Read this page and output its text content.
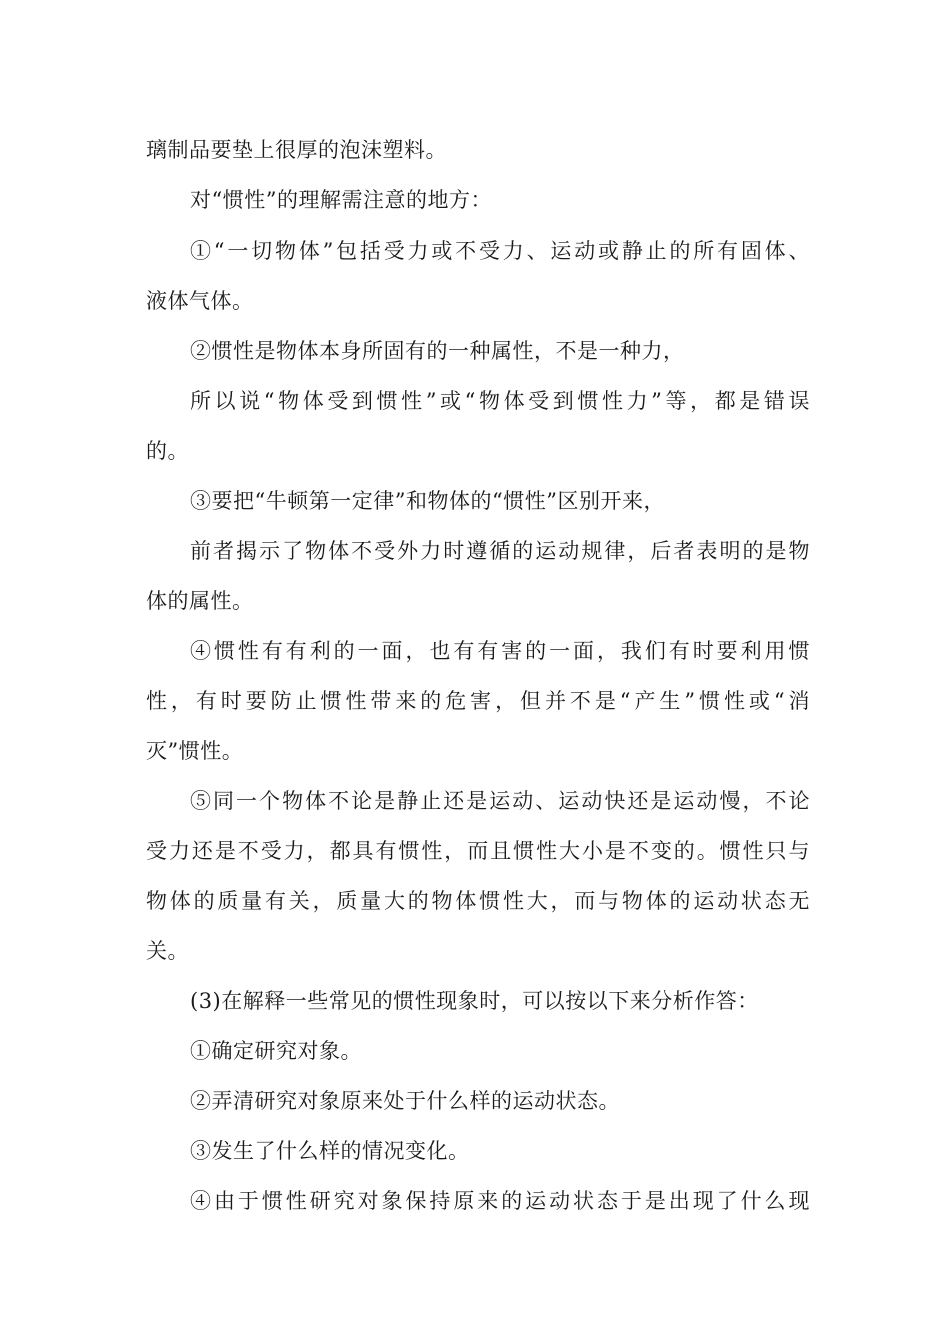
璃制品要垫上很厚的泡沫塑料。
对“惯性”的理解需注意的地方：
①“一切物体”包括受力或不受力、运动或静止的所有固体、
液体气体。
②惯性是物体本身所固有的一种属性，不是一种力，
所以说“物体受到惯性”或“物体受到惯性力”等，都是错误
的。
③要把“牛顿第一定律”和物体的“惯性”区别开来，
前者揭示了物体不受外力时遵循的运动规律，后者表明的是物
体的属性。
④惯性有有利的一面，也有有害的一面，我们有时要利用惯
性，有时要防止惯性带来的危害，但并不是“产生”惯性或“消
灭”惯性。
⑤同一个物体不论是静止还是运动、运动快还是运动慢，不论
受力还是不受力，都具有惯性，而且惯性大小是不变的。惯性只与
物体的质量有关，质量大的物体惯性大，而与物体的运动状态无
关。
(3)在解释一些常见的惯性现象时，可以按以下来分析作答：
①确定研究对象。
②弄清研究对象原来处于什么样的运动状态。
③发生了什么样的情况变化。
④由于惯性研究对象保持原来的运动状态于是出现了什么现
